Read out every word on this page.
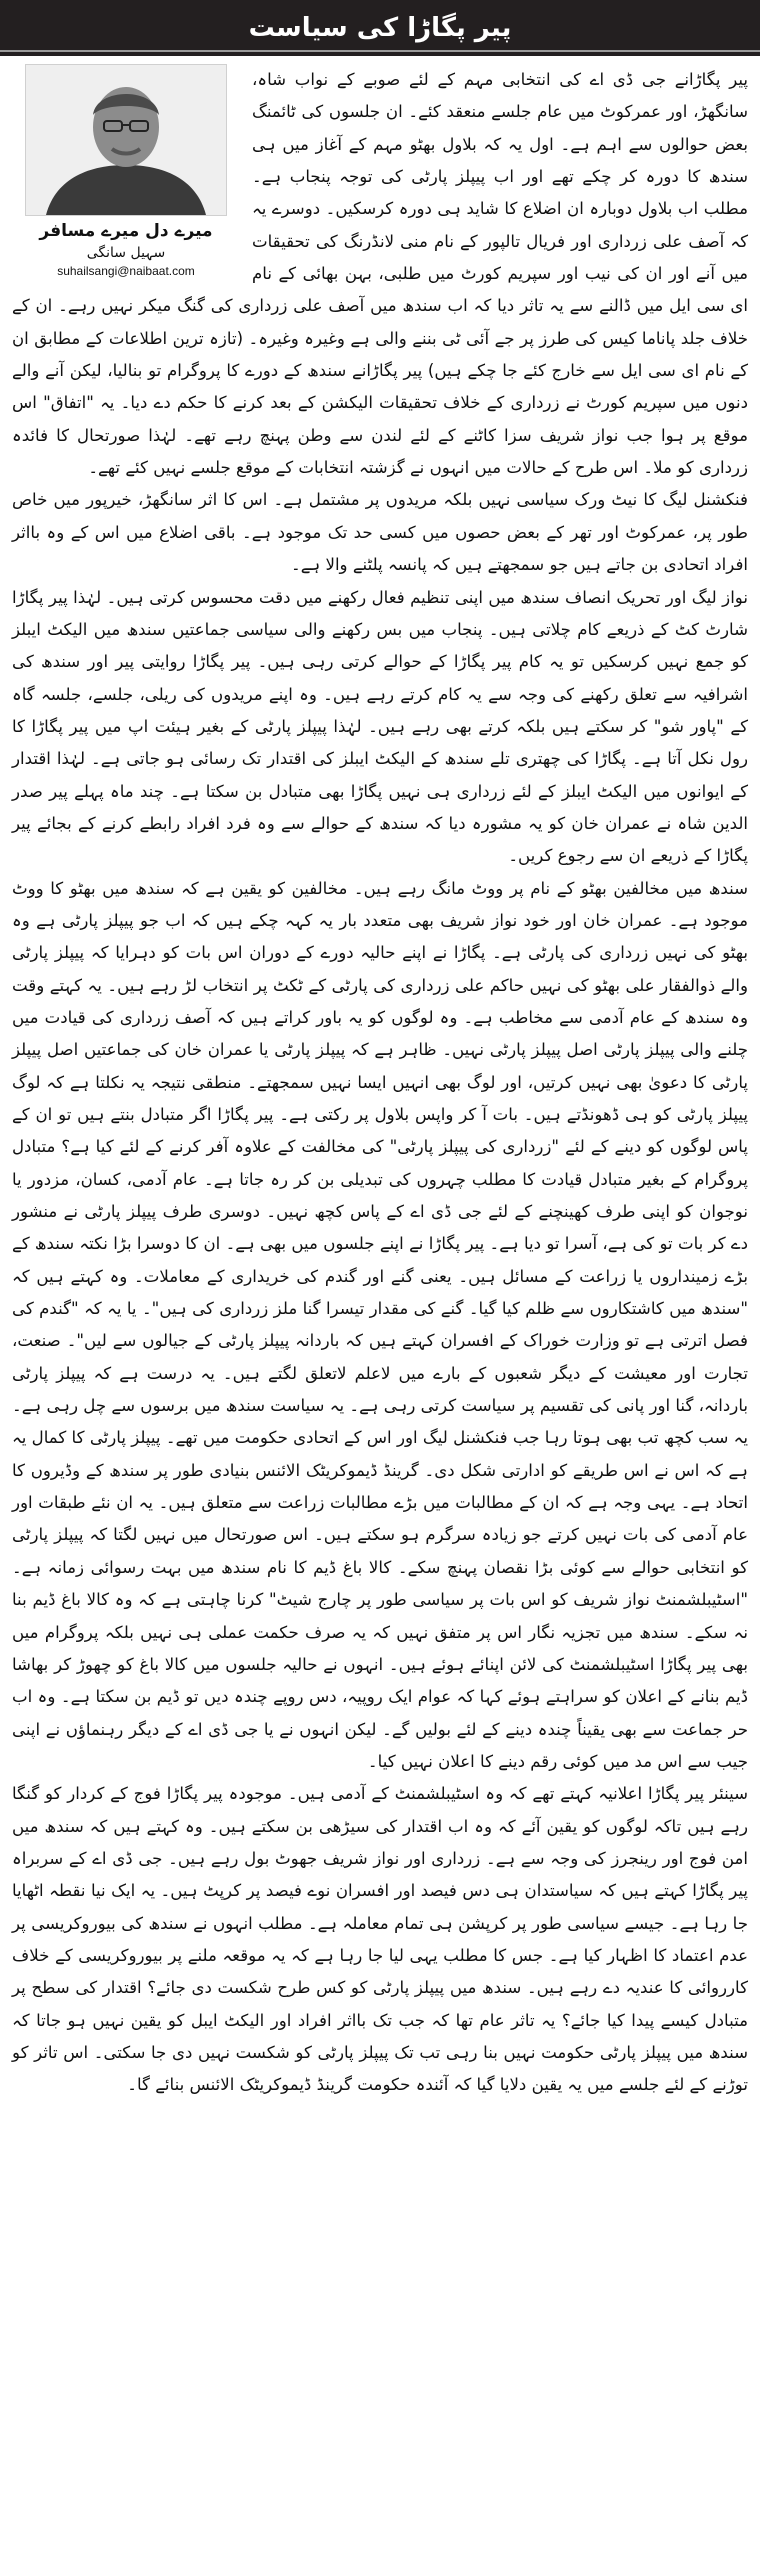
پیر پگاڑا کی سیاست
میرے دل میرے مسافر
سہیل سانگی
suhailsangi@naibaat.com

پیر پگاڑانے جی ڈی اے کی انتخابی مہم کے لئے صوبے کے نواب شاہ، سانگھڑ، اور عمرکوٹ میں عام جلسے منعقد کئے۔ ان جلسوں کی ٹائمنگ بعض حوالوں سے اہم ہے۔ اول یہ کہ بلاول بھٹو مہم کے آغاز میں ہی سندھ کا دورہ کر چکے تھے اور اب پیپلز پارٹی کی توجہ پنجاب ہے۔ مطلب اب بلاول دوبارہ ان اضلاع کا شاید ہی دورہ کرسکیں۔ دوسرے یہ کہ آصف علی زرداری اور فریال تالپور کے نام منی لانڈرنگ کی تحقیقات میں آنے اور ان کی نیب اور سپریم کورٹ میں طلبی، بہن بھائی کے نام ای سی ایل میں ڈالنے سے یہ تاثر دیا کہ اب سندھ میں آصف علی زرداری کی گنگ میکر نہیں رہے۔ ان کے خلاف جلد پاناما کیس کی طرز پر جے آئی ٹی بننے والی ہے وغیرہ وغیرہ۔ (تازہ ترین اطلاعات کے مطابق ان کے نام ای سی ایل سے خارج کئے جا چکے ہیں) پیر پگاڑانے سندھ کے دورے کا پروگرام تو بنالیا، لیکن آنے والے دنوں میں سپریم کورٹ نے زرداری کے خلاف تحقیقات الیکشن کے بعد کرنے کا حکم دے دیا۔ یہ "اتفاق" اس موقع پر ہوا جب نواز شریف سزا کاٹنے کے لئے لندن سے وطن پہنچ رہے تھے۔ لہٰذا صورتحال کا فائدہ زرداری کو ملا۔ اس طرح کے حالات میں انہوں نے گزشتہ انتخابات کے موقع جلسے نہیں کئے تھے۔

فنکشنل لیگ کا نیٹ ورک سیاسی نہیں بلکہ مریدوں پر مشتمل ہے۔ اس کا اثر سانگھڑ، خیرپور میں خاص طور پر، عمرکوٹ اور تھر کے بعض حصوں میں کسی حد تک موجود ہے۔ باقی اضلاع میں اس کے وہ بااثر افراد اتحادی بن جاتے ہیں جو سمجھتے ہیں کہ پانسہ پلٹنے والا ہے۔

نواز لیگ اور تحریک انصاف سندھ میں اپنی تنظیم فعال رکھنے میں دقت محسوس کرتی ہیں۔ لہٰذا پیر پگاڑا شارٹ کٹ کے ذریعے کام چلاتی ہیں۔ پنجاب میں بس رکھنے والی سیاسی جماعتیں سندھ میں الیکٹ ایبلز کو جمع نہیں کرسکیں تو یہ کام پیر پگاڑا کے حوالے کرتی رہی ہیں۔ پیر پگاڑا روایتی پیر اور سندھ کی اشرافیہ سے تعلق رکھنے کی وجہ سے یہ کام کرتے رہے ہیں۔ وہ اپنے مریدوں کی ریلی، جلسے، جلسہ گاہ کے "پاور شو" کر سکتے ہیں بلکہ کرتے بھی رہے ہیں۔ لہٰذا پیپلز پارٹی کے بغیر ہیئت اپ میں پیر پگاڑا کا رول نکل آتا ہے۔ پگاڑا کی چھتری تلے سندھ کے الیکٹ ایبلز کی اقتدار تک رسائی ہو جاتی ہے۔ لہٰذا اقتدار کے ایوانوں میں الیکٹ ایبلز کے لئے زرداری ہی نہیں پگاڑا بھی متبادل بن سکتا ہے۔ چند ماہ پہلے پیر صدر الدین شاہ نے عمران خان کو یہ مشورہ دیا کہ سندھ کے حوالے سے وہ فرد افراد رابطے کرنے کے بجائے پیر پگاڑا کے ذریعے ان سے رجوع کریں۔

سندھ میں مخالفین بھٹو کے نام پر ووٹ مانگ رہے ہیں۔ مخالفین کو یقین ہے کہ سندھ میں بھٹو کا ووٹ موجود ہے۔ عمران خان اور خود نواز شریف بھی متعدد بار یہ کہہ چکے ہیں کہ اب جو پیپلز پارٹی ہے وہ بھٹو کی نہیں زرداری کی پارٹی ہے۔ پگاڑا نے اپنے حالیہ دورے کے دوران اس بات کو دہرایا کہ پیپلز پارٹی والے ذوالفقار علی بھٹو کی نہیں حاکم علی زرداری کی پارٹی کے ٹکٹ پر انتخاب لڑ رہے ہیں۔ یہ کہتے وقت وہ سندھ کے عام آدمی سے مخاطب ہے۔ وہ لوگوں کو یہ باور کراتے ہیں کہ آصف زرداری کی قیادت میں چلنے والی پیپلز پارٹی اصل پیپلز پارٹی نہیں۔ ظاہر ہے کہ پیپلز پارٹی یا عمران خان کی جماعتیں اصل پیپلز پارٹی کا دعویٰ بھی نہیں کرتیں، اور لوگ بھی انہیں ایسا نہیں سمجھتے۔ منطقی نتیجہ یہ نکلتا ہے کہ لوگ پیپلز پارٹی کو ہی ڈھونڈتے ہیں۔ بات آ کر واپس بلاول پر رکتی ہے۔ پیر پگاڑا اگر متبادل بنتے ہیں تو ان کے پاس لوگوں کو دینے کے لئے "زرداری کی پیپلز پارٹی" کی مخالفت کے علاوہ آفر کرنے کے لئے کیا ہے؟ متبادل پروگرام کے بغیر متبادل قیادت کا مطلب چہروں کی تبدیلی بن کر رہ جاتا ہے۔ عام آدمی، کسان، مزدور یا نوجوان کو اپنی طرف کھینچنے کے لئے جی ڈی اے کے پاس کچھ نہیں۔ دوسری طرف پیپلز پارٹی نے منشور دے کر بات تو کی ہے، آسرا تو دیا ہے۔ پیر پگاڑا نے اپنے جلسوں میں بھی ہے۔ ان کا دوسرا بڑا نکتہ سندھ کے بڑے زمینداروں یا زراعت کے مسائل ہیں۔ یعنی گنے اور گندم کی خریداری کے معاملات۔ وہ کہتے ہیں کہ "سندھ میں کاشتکاروں سے ظلم کیا گیا۔ گنے کی مقدار تیسرا گنا ملز زرداری کی ہیں"۔ یا یہ کہ "گندم کی فصل اترتی ہے تو وزارت خوراک کے افسران کہتے ہیں کہ باردانہ پیپلز پارٹی کے جیالوں سے لیں"۔ صنعت، تجارت اور معیشت کے دیگر شعبوں کے بارے میں لاعلم لاتعلق لگتے ہیں۔ یہ درست ہے کہ پیپلز پارٹی باردانہ، گنا اور پانی کی تقسیم پر سیاست کرتی رہی ہے۔ یہ سیاست سندھ میں برسوں سے چل رہی ہے۔ یہ سب کچھ تب بھی ہوتا رہا جب فنکشنل لیگ اور اس کے اتحادی حکومت میں تھے۔ پیپلز پارٹی کا کمال یہ ہے کہ اس نے اس طریقے کو ادارتی شکل دی۔ گرینڈ ڈیموکریٹک الائنس بنیادی طور پر سندھ کے وڈیروں کا اتحاد ہے۔ یہی وجہ ہے کہ ان کے مطالبات میں بڑے مطالبات زراعت سے متعلق ہیں۔ یہ ان نئے طبقات اور عام آدمی کی بات نہیں کرتے جو زیادہ سرگرم ہو سکتے ہیں۔ اس صورتحال میں نہیں لگتا کہ پیپلز پارٹی کو انتخابی حوالے سے کوئی بڑا نقصان پہنچ سکے۔ کالا باغ ڈیم کا نام سندھ میں بہت رسوائی زمانہ ہے۔ "اسٹیبلشمنٹ نواز شریف کو اس بات پر سیاسی طور پر چارج شیٹ" کرنا چاہتی ہے کہ وہ کالا باغ ڈیم بنا نہ سکے۔ سندھ میں تجزیہ نگار اس پر متفق نہیں کہ یہ صرف حکمت عملی ہی نہیں بلکہ پروگرام میں بھی پیر پگاڑا اسٹیبلشمنٹ کی لائن اپنائے ہوئے ہیں۔ انہوں نے حالیہ جلسوں میں کالا باغ کو چھوڑ کر بھاشا ڈیم بنانے کے اعلان کو سراہتے ہوئے کہا کہ عوام ایک روپیہ، دس روپے چندہ دیں تو ڈیم بن سکتا ہے۔ وہ اب حر جماعت سے بھی یقیناً چندہ دینے کے لئے بولیں گے۔ لیکن انہوں نے یا جی ڈی اے کے دیگر رہنماؤں نے اپنی جیب سے اس مد میں کوئی رقم دینے کا اعلان نہیں کیا۔

سینئر پیر پگاڑا اعلانیہ کہتے تھے کہ وہ اسٹیبلشمنٹ کے آدمی ہیں۔ موجودہ پیر پگاڑا فوج کے کردار کو گنگا رہے ہیں تاکہ لوگوں کو یقین آئے کہ وہ اب اقتدار کی سیڑھی بن سکتے ہیں۔ وہ کہتے ہیں کہ سندھ میں امن فوج اور رینجرز کی وجہ سے ہے۔ زرداری اور نواز شریف جھوٹ بول رہے ہیں۔ جی ڈی اے کے سربراہ پیر پگاڑا کہتے ہیں کہ سیاستدان ہی دس فیصد اور افسران نوے فیصد پر کرپٹ ہیں۔ یہ ایک نیا نقطہ اٹھایا جا رہا ہے۔ جیسے سیاسی طور پر کرپشن ہی تمام معاملہ ہے۔ مطلب انہوں نے سندھ کی بیوروکریسی پر عدم اعتماد کا اظہار کیا ہے۔ جس کا مطلب یہی لیا جا رہا ہے کہ یہ موقعہ ملنے پر بیوروکریسی کے خلاف کارروائی کا عندیہ دے رہے ہیں۔ سندھ میں پیپلز پارٹی کو کس طرح شکست دی جائے؟ اقتدار کی سطح پر متبادل کیسے پیدا کیا جائے؟ یہ تاثر عام تھا کہ جب تک بااثر افراد اور الیکٹ ایبل کو یقین نہیں ہو جاتا کہ سندھ میں پیپلز پارٹی حکومت نہیں بنا رہی تب تک پیپلز پارٹی کو شکست نہیں دی جا سکتی۔ اس تاثر کو توڑنے کے لئے جلسے میں یہ یقین دلایا گیا کہ آئندہ حکومت گرینڈ ڈیموکریٹک الائنس بنائے گا۔
